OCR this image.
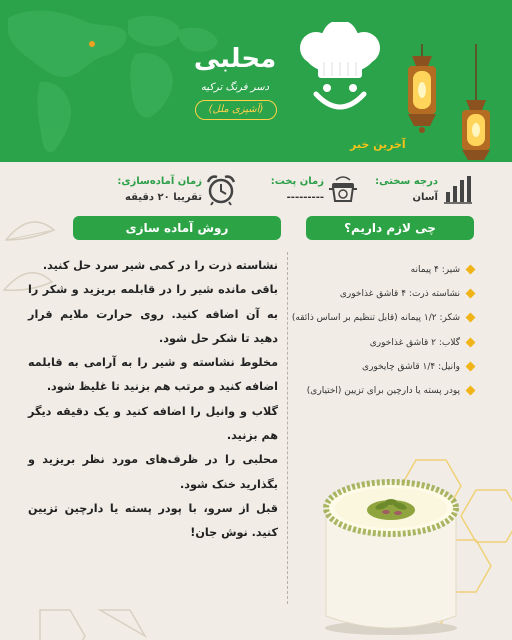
محلبی
دسر فرنگ ترکیه
(آشپزی ملل)
آخرین خبر
درجه سختی:
آسان
زمان پخت:
---------
زمان آماده‌سازی:
تقریبا ۲۰ دقیقه
چی لازم داریم؟
روش آماده سازی
شیر: ۴ پیمانه
نشاسته ذرت: ۴ قاشق غذاخوری
شکر: ۱/۲ پیمانه (قابل تنظیم بر اساس ذائقه)
گلاب: ۲ قاشق غذاخوری
وانیل: ۱/۴ قاشق چایخوری
پودر پسته یا دارچین برای تزیین (اختیاری)

نشاسته ذرت را در کمی شیر سرد حل کنید.

باقی مانده شیر را در قابلمه بریزید و شکر را به آن اضافه کنید. روی حرارت ملایم قرار دهید تا شکر حل شود.

مخلوط نشاسته و شیر را به آرامی به قابلمه اضافه کنید و مرتب هم بزنید تا غلیظ شود.

گلاب و وانیل را اضافه کنید و یک دقیقه دیگر هم بزنید.

محلبی را در ظرف‌های مورد نظر بریزید و بگذارید خنک شود.

قبل از سرو، با پودر پسته یا دارچین تزیین کنید. نوش جان!
